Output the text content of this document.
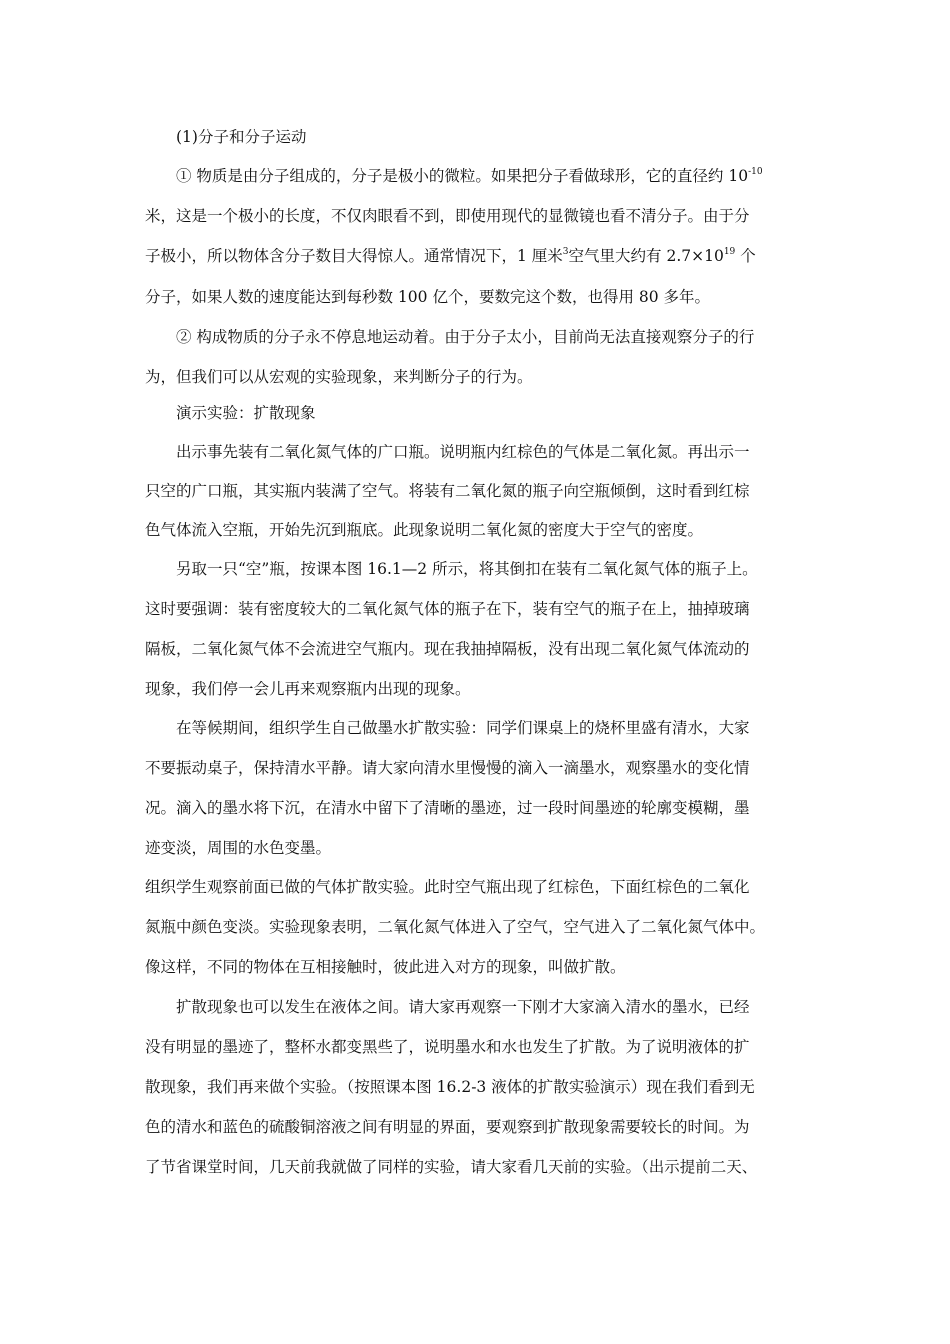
(1)分子和分子运动
① 物质是由分子组成的，分子是极小的微粒。如果把分子看做球形，它的直径约 $10^{-10}$
米，这是一个极小的长度，不仅肉眼看不到，即使用现代的显微镜也看不清分子。由于分
子极小，所以物体含分子数目大得惊人。通常情况下，1 厘米$^3$空气里大约有 $2.7\times 10^{19}$ 个
分子，如果人数的速度能达到每秒数 100 亿个，要数完这个数，也得用 80 多年。
② 构成物质的分子永不停息地运动着。由于分子太小，目前尚无法直接观察分子的行
为，但我们可以从宏观的实验现象，来判断分子的行为。
演示实验：扩散现象
出示事先装有二氧化氮气体的广口瓶。说明瓶内红棕色的气体是二氧化氮。再出示一
只空的广口瓶，其实瓶内装满了空气。将装有二氧化氮的瓶子向空瓶倾倒，这时看到红棕
色气体流入空瓶，开始先沉到瓶底。此现象说明二氧化氮的密度大于空气的密度。
另取一只“空”瓶，按课本图 16.1—2 所示，将其倒扣在装有二氧化氮气体的瓶子上。
这时要强调：装有密度较大的二氧化氮气体的瓶子在下，装有空气的瓶子在上，抽掉玻璃
隔板，二氧化氮气体不会流进空气瓶内。现在我抽掉隔板，没有出现二氧化氮气体流动的
现象，我们停一会儿再来观察瓶内出现的现象。
在等候期间，组织学生自己做墨水扩散实验：同学们课桌上的烧杯里盛有清水，大家
不要振动桌子，保持清水平静。请大家向清水里慢慢的滴入一滴墨水，观察墨水的变化情
况。滴入的墨水将下沉，在清水中留下了清晰的墨迹，过一段时间墨迹的轮廓变模糊，墨
迹变淡，周围的水色变墨。
组织学生观察前面已做的气体扩散实验。此时空气瓶出现了红棕色，下面红棕色的二氧化
氮瓶中颜色变淡。实验现象表明，二氧化氮气体进入了空气，空气进入了二氧化氮气体中。
像这样，不同的物体在互相接触时，彼此进入对方的现象，叫做扩散。
扩散现象也可以发生在液体之间。请大家再观察一下刚才大家滴入清水的墨水，已经
没有明显的墨迹了，整杯水都变黑些了，说明墨水和水也发生了扩散。为了说明液体的扩
散现象，我们再来做个实验。（按照课本图 16.2-3 液体的扩散实验演示）现在我们看到无
色的清水和蓝色的硫酸铜溶液之间有明显的界面，要观察到扩散现象需要较长的时间。为
了节省课堂时间，几天前我就做了同样的实验，请大家看几天前的实验。（出示提前二天、
